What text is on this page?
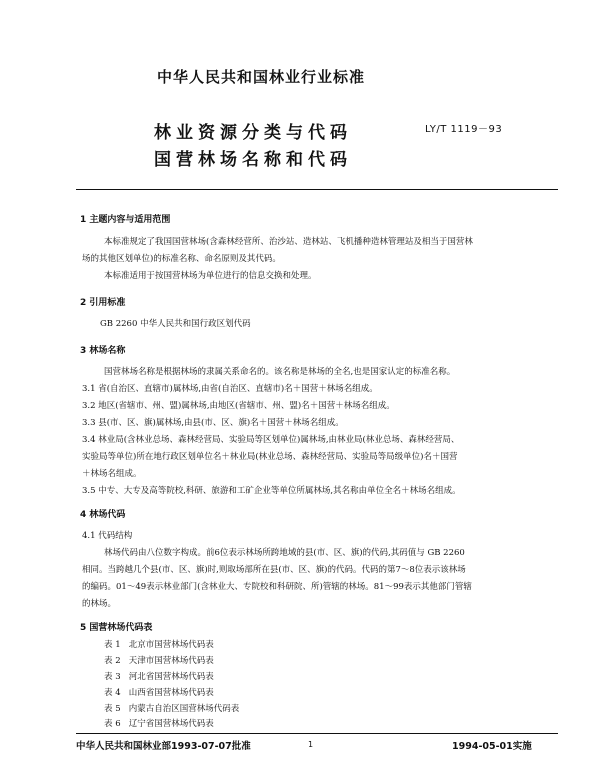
中华人民共和国林业行业标准
林业资源分类与代码	LY/T 1119－93
国营林场名称和代码
1 主题内容与适用范围
本标准规定了我国国营林场(含森林经营所、治沙站、造林站、飞机播种造林管理站及相当于国营林
场的其他区划单位)的标准名称、命名原则及其代码。
本标准适用于按国营林场为单位进行的信息交换和处理。
2 引用标准
GB 2260 中华人民共和国行政区划代码
3 林场名称
国营林场名称是根据林场的隶属关系命名的。该名称是林场的全名,也是国家认定的标准名称。
3.1 省(自治区、直辖市)属林场,由省(自治区、直辖市)名＋国营＋林场名组成。
3.2 地区(省辖市、州、盟)属林场,由地区(省辖市、州、盟)名＋国营＋林场名组成。
3.3 县(市、区、旗)属林场,由县(市、区、旗)名＋国营＋林场名组成。
3.4 林业局(含林业总场、森林经营局、实验局等区划单位)属林场,由林业局(林业总场、森林经营局、
实验局等单位)所在地行政区划单位名＋林业局(林业总场、森林经营局、实验局等局级单位)名＋国营
＋林场名组成。
3.5 中专、大专及高等院校,科研、旅游和工矿企业等单位所属林场,其名称由单位全名＋林场名组成。
4 林场代码
4.1 代码结构
林场代码由八位数字构成。前6位表示林场所跨地域的县(市、区、旗)的代码,其码值与 GB 2260
相同。当跨越几个县(市、区、旗)时,则取场部所在县(市、区、旗)的代码。代码的第7～8位表示该林场
的编码。01～49表示林业部门(含林业大、专院校和科研院、所)管辖的林场。81～99表示其他部门管辖
的林场。
5 国营林场代码表
表 1 北京市国营林场代码表
表 2 天津市国营林场代码表
表 3 河北省国营林场代码表
表 4 山西省国营林场代码表
表 5 内蒙古自治区国营林场代码表
表 6 辽宁省国营林场代码表
中华人民共和国林业部1993-07-07批准	1	1994-05-01实施
